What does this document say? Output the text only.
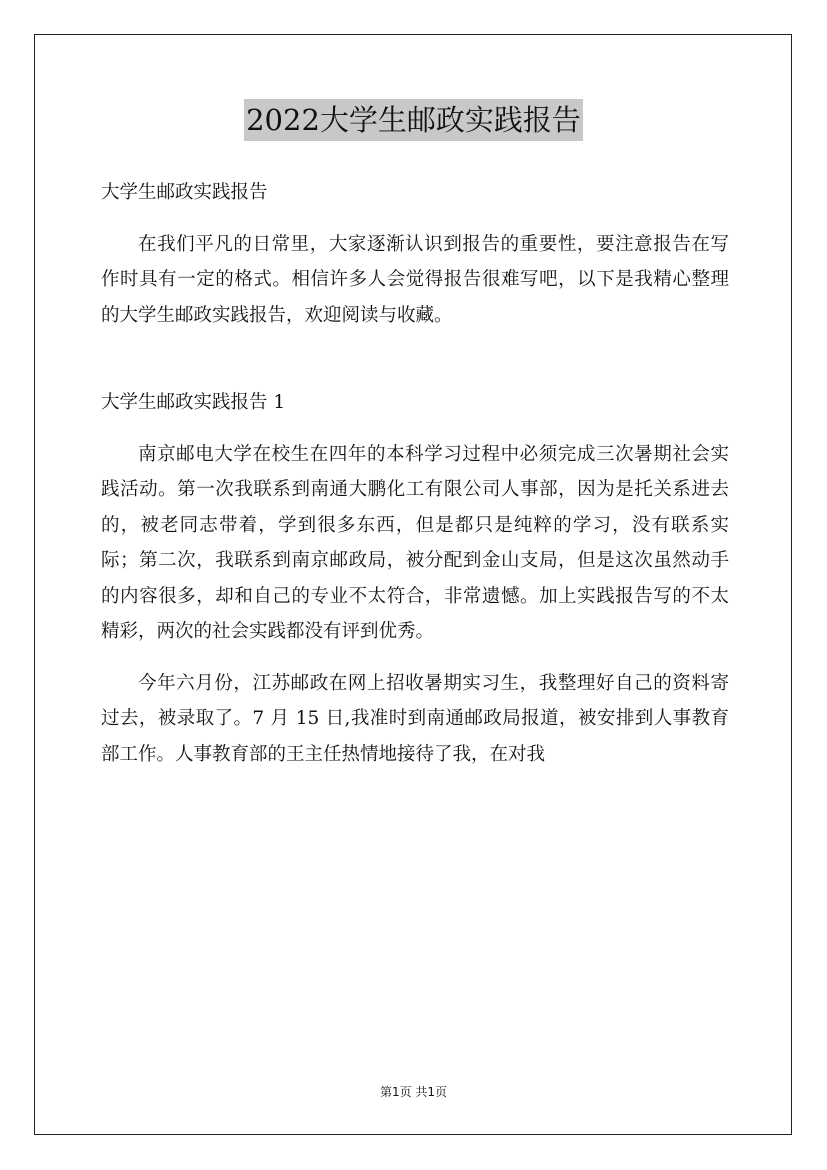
2022大学生邮政实践报告

大学生邮政实践报告

在我们平凡的日常里，大家逐渐认识到报告的重要性，要注意报告在写作时具有一定的格式。相信许多人会觉得报告很难写吧，以下是我精心整理的大学生邮政实践报告，欢迎阅读与收藏。

大学生邮政实践报告 1

南京邮电大学在校生在四年的本科学习过程中必须完成三次暑期社会实践活动。第一次我联系到南通大鹏化工有限公司人事部，因为是托关系进去的，被老同志带着，学到很多东西，但是都只是纯粹的学习，没有联系实际；第二次，我联系到南京邮政局，被分配到金山支局，但是这次虽然动手的内容很多，却和自己的专业不太符合，非常遗憾。加上实践报告写的不太精彩，两次的社会实践都没有评到优秀。

今年六月份，江苏邮政在网上招收暑期实习生，我整理好自己的资料寄过去，被录取了。7 月 15 日,我准时到南通邮政局报道，被安排到人事教育部工作。人事教育部的王主任热情地接待了我，在对我

第1页 共1页
